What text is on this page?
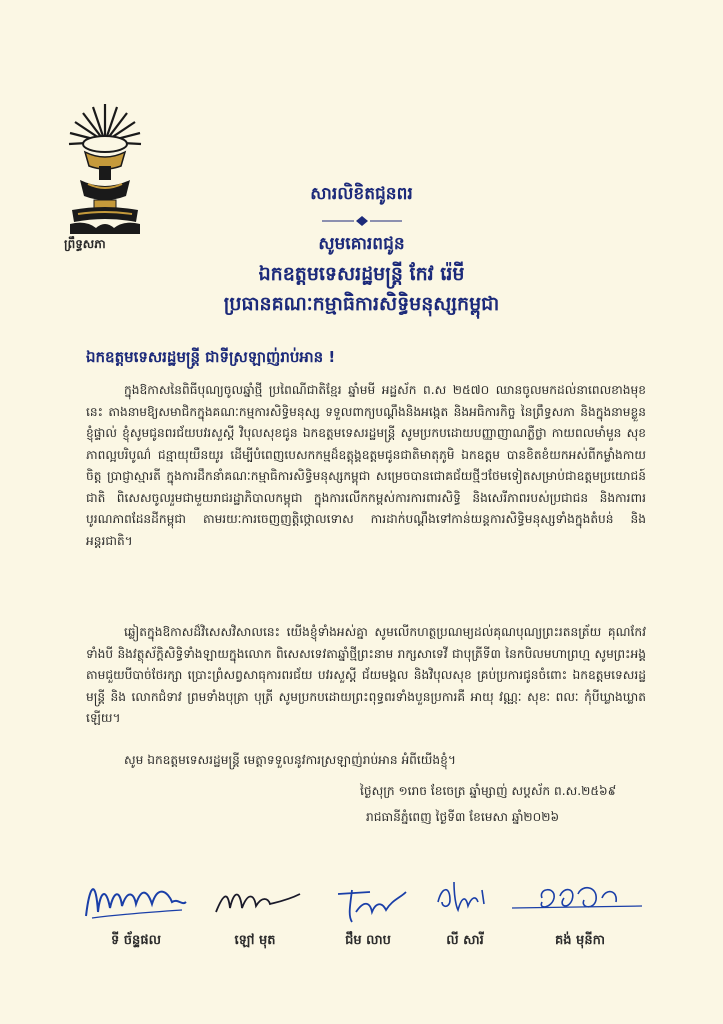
ព្រឹទ្ធសភា
សារលិខិតជូនពរ
សូមគោរពជូន
ឯកឧត្តមទេសរដ្ឋមន្ត្រី កែវ រ៉េមី
ប្រធានគណៈកម្មាធិការសិទ្ធិមនុស្សកម្ពុជា
ឯកឧត្តមទេសរដ្ឋមន្ត្រី ជាទីស្រឡាញ់រាប់អាន !
ក្នុងឱកាសនៃពិធីបុណ្យចូលឆ្នាំថ្មី ប្រពៃណីជាតិខ្មែរ ឆ្នាំមមី អដ្ឋស័ក ព.ស ២៥៧០ ឈានចូលមកដល់នាពេលខាងមុខនេះ តាងនាមឱ្យសមាជិកក្នុងគណៈកម្មការសិទ្ធិមនុស្ស ទទួលពាក្យបណ្ដឹងនិងអង្កេត និងអធិការកិច្ច នៃព្រឹទ្ធសភា និងក្នុងនាមខ្លួនខ្ញុំផ្ទាល់ ខ្ញុំសូមជូនពរជ័យបវរសួស្តី វិបុលសុខជូន ឯកឧត្តមទេសរដ្ឋមន្ត្រី សូមប្រកបដោយបញ្ញាញាណភ្លឺថ្លា កាយពលមាំមួន សុខភាពល្អបរិបូណ៌ ជន្មាយុយឺនយូរ ដើម្បីបំពេញបេសកកម្មដ៏ឧត្តុង្គឧត្តមជូនជាតិមាតុភូមិ ឯកឧត្តម បានខិតខំយកអស់ពីកម្លាំងកាយចិត្ត ប្រាជ្ញាស្មារតី ក្នុងការដឹកនាំគណៈកម្មាធិការសិទ្ធិមនុស្សកម្ពុជា សម្រេចបានជោគជ័យថ្មីៗថែមទៀតសម្រាប់ជាឧត្តមប្រយោជន៍ជាតិ ពិសេសចូលរួមជាមួយរាជរដ្ឋាភិបាលកម្ពុជា ក្នុងការលើកកម្ពស់ការការពារសិទ្ធិ និងសេរីភាពរបស់ប្រជាជន និងការពារបូរណភាពដែនដីកម្ពុជា តាមរយៈការចេញញត្តិថ្កោលទោស ការដាក់បណ្ដឹងទៅកាន់យន្តការសិទ្ធិមនុស្សទាំងក្នុងតំបន់ និងអន្តរជាតិ។
ឆ្លៀតក្នុងឱកាសដ៏វិសេសវិសាលនេះ យើងខ្ញុំទាំងអស់គ្នា សូមលើកហត្ថប្រណម្យដល់គុណបុណ្យព្រះរតនត្រ័យ គុណកែវទាំងបី និងវត្ថុស័ក្តិសិទ្ធិទាំងឡាយក្នុងលោក ពិសេសទេវតាឆ្នាំថ្មីព្រះនាម រាក្សសាទេវី ជាបុត្រីទី៣ នៃកបិលមហាព្រហ្ម សូមព្រះអង្គតាមជួយបីបាច់ថែរក្សា ប្រោះព្រំសព្វសាធុការពរជ័យ បវរសួស្តី ជ័យមង្គល និងវិបុលសុខ គ្រប់ប្រការជូនចំពោះ ឯកឧត្តមទេសរដ្ឋមន្ត្រី និង លោកជំទាវ ព្រមទាំងបុត្រា បុត្រី សូមប្រកបដោយព្រះពុទ្ធពរទាំងបួនប្រការគឺ អាយុ វណ្ណៈ សុខៈ ពលៈ កុំបីឃ្លាងឃ្លាតឡើយ។
សូម ឯកឧត្តមទេសរដ្ឋមន្ត្រី មេត្តាទទួលនូវការស្រឡាញ់រាប់អាន អំពីយើងខ្ញុំ។
ថ្ងៃសុក្រ ១រោច ខែចេត្រ ឆ្នាំម្សាញ់ សប្តស័ក ព.ស.២៥៦៩
រាជធានីភ្នំពេញ ថ្ងៃទី៣ ខែមេសា ឆ្នាំ២០២៦
ទី ច័ន្ទផល	ឡៅ មុត	ជឹម លាប	លី សារី	គង់ មុនីកា
